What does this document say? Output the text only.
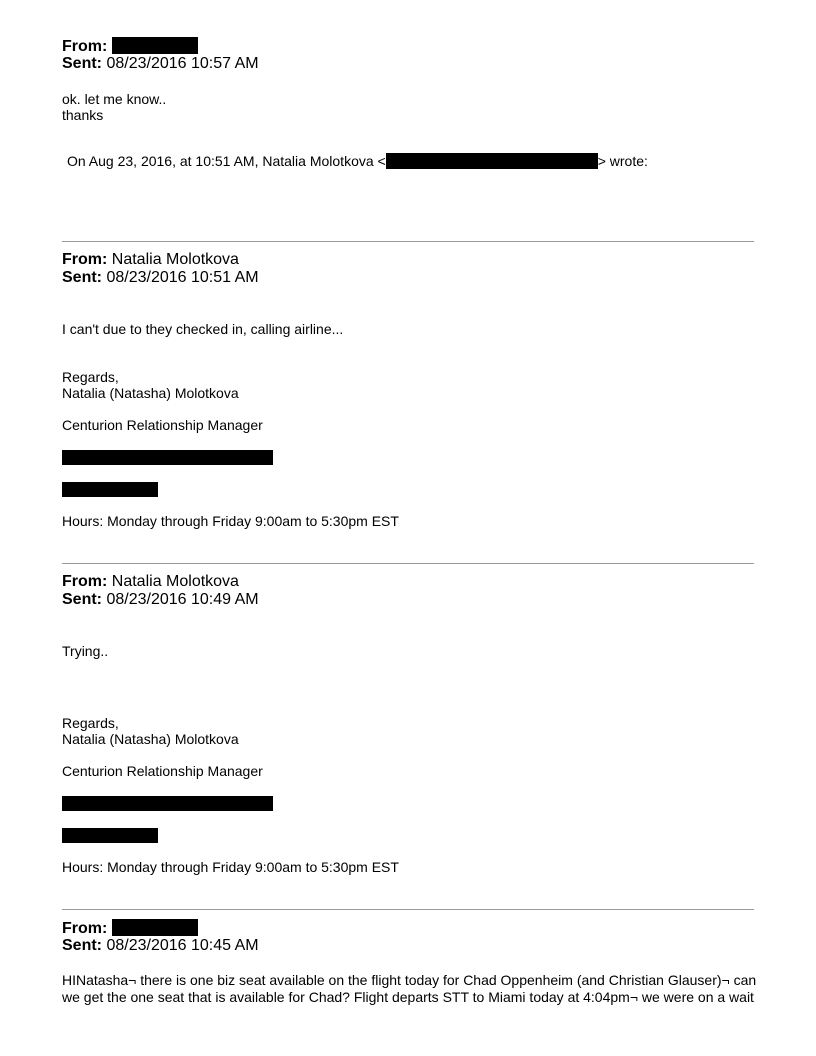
From:
Sent: 08/23/2016 10:57 AM
ok. let me know..
thanks
On Aug 23, 2016, at 10:51 AM, Natalia Molotkova <	> wrote:
From: Natalia Molotkova
Sent: 08/23/2016 10:51 AM
I can't due to they checked in, calling airline...
Regards,
Natalia (Natasha) Molotkova
Centurion Relationship Manager
Hours: Monday through Friday 9:00am to 5:30pm EST
From: Natalia Molotkova
Sent: 08/23/2016 10:49 AM
Trying..
Regards,
Natalia (Natasha) Molotkova
Centurion Relationship Manager
Hours: Monday through Friday 9:00am to 5:30pm EST
From:
Sent: 08/23/2016 10:45 AM
HINatasha¬ there is one biz seat available on the flight today for Chad Oppenheim (and Christian Glauser)¬ can we get the one seat that is available for Chad? Flight departs STT to Miami today at 4:04pm¬ we were on a wait
